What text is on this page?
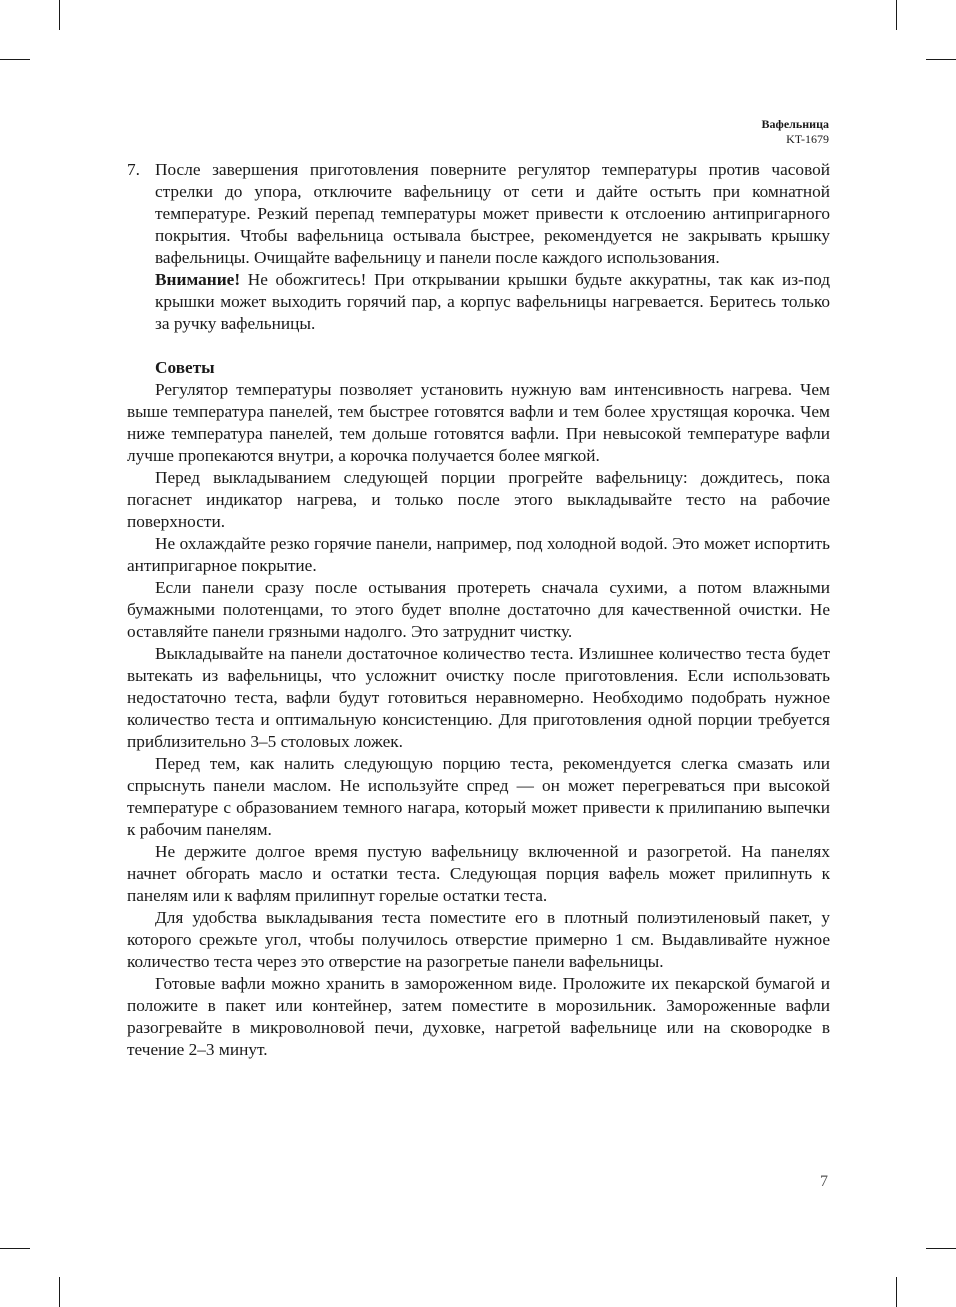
Вафельница
KT-1679
7. После завершения приготовления поверните регулятор температуры против часовой стрелки до упора, отключите вафельницу от сети и дайте остыть при комнатной температуре. Резкий перепад температуры может привести к отслоению антипригарного покрытия. Чтобы вафельница остывала быстрее, рекомендуется не закрывать крышку вафельницы. Очищайте вафельницу и панели после каждого использования.

Внимание! Не обожгитесь! При открывании крышки будьте аккуратны, так как из-под крышки может выходить горячий пар, а корпус вафельницы нагревается. Беритесь только за ручку вафельницы.

Советы

Регулятор температуры позволяет установить нужную вам интенсивность нагрева. Чем выше температура панелей, тем быстрее готовятся вафли и тем более хрустящая корочка. Чем ниже температура панелей, тем дольше готовятся вафли. При невысокой температуре вафли лучше пропекаются внутри, а корочка получается более мягкой.

Перед выкладыванием следующей порции прогрейте вафельницу: дождитесь, пока погаснет индикатор нагрева, и только после этого выкладывайте тесто на рабочие поверхности.

Не охлаждайте резко горячие панели, например, под холодной водой. Это может испортить антипригарное покрытие.

Если панели сразу после остывания протереть сначала сухими, а потом влажными бумажными полотенцами, то этого будет вполне достаточно для качественной очистки. Не оставляйте панели грязными надолго. Это затруднит чистку.

Выкладывайте на панели достаточное количество теста. Излишнее количество теста будет вытекать из вафельницы, что усложнит очистку после приготовления. Если использовать недостаточно теста, вафли будут готовиться неравномерно. Необходимо подобрать нужное количество теста и оптимальную консистенцию. Для приготовления одной порции требуется приблизительно 3–5 столовых ложек.

Перед тем, как налить следующую порцию теста, рекомендуется слегка смазать или спрыснуть панели маслом. Не используйте спред — он может перегреваться при высокой температуре с образованием темного нагара, который может привести к прилипанию выпечки к рабочим панелям.

Не держите долгое время пустую вафельницу включенной и разогретой. На панелях начнет обгорать масло и остатки теста. Следующая порция вафель может прилипнуть к панелям или к вафлям прилипнут горелые остатки теста.

Для удобства выкладывания теста поместите его в плотный полиэтиленовый пакет, у которого срежьте угол, чтобы получилось отверстие примерно 1 см. Выдавливайте нужное количество теста через это отверстие на разогретые панели вафельницы.

Готовые вафли можно хранить в замороженном виде. Проложите их пекарской бумагой и положите в пакет или контейнер, затем поместите в морозильник. Замороженные вафли разогревайте в микроволновой печи, духовке, нагретой вафельнице или на сковородке в течение 2–3 минут.

7
